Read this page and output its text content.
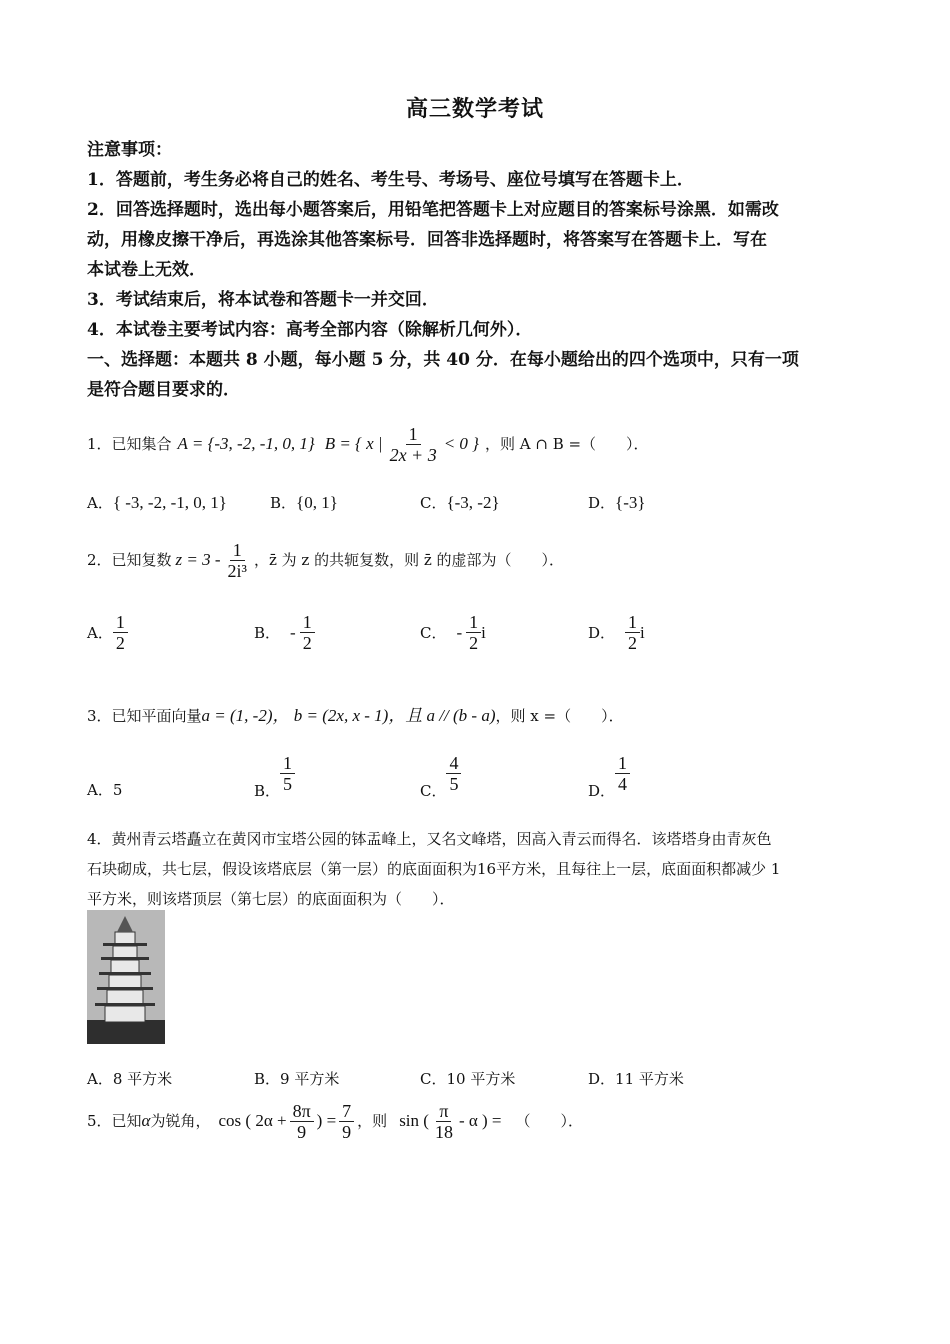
高三数学考试
注意事项：
1．答题前，考生务必将自己的姓名、考生号、考场号、座位号填写在答题卡上．
2．回答选择题时，选出每小题答案后，用铅笔把答题卡上对应题目的答案标号涂黑．如需改
动，用橡皮擦干净后，再选涂其他答案标号．回答非选择题时，将答案写在答题卡上．写在
本试卷上无效．
3．考试结束后，将本试卷和答题卡一并交回．
4．本试卷主要考试内容：高考全部内容（除解析几何外）．
一、选择题：本题共 8 小题，每小题 5 分，共 40 分．在每小题给出的四个选项中，只有一项
是符合题目要求的．
1．已知集合 A = {-3, -2, -1, 0, 1} B = { x | $\frac{1}{2x + 3} < 0$ } ，则 A ∩ B =（　　）．
A．{ -3, -2, -1, 0, 1}	B．{0, 1}	C．{-3, -2}	D．{-3}
2．已知复数 $z = 3 - \frac{1}{\text{2i³}}$ ，z̄ 为 z 的共轭复数，则 z̄ 的虚部为（　　）．
A． $\frac{1}{2}$	B． - $\frac{1}{2}$	C． - $\frac{1}{2}$ i	D． $\frac{1}{2}$ i
3．已知平面向量 a = (1, -2) ， b = (2x, x - 1) ，且 a // (b - a) ，则 x =（　　）．
A．5	B． $\frac{1}{5}$	C． $\frac{4}{5}$	D． $\frac{1}{4}$
4．黄州青云塔矗立在黄冈市宝塔公园的钵盂峰上，又名文峰塔，因高入青云而得名．该塔塔身由青灰色
石块砌成，共七层，假设该塔底层（第一层）的底面面积为16平方米，且每往上一层，底面面积都减少 1
平方米，则该塔顶层（第七层）的底面面积为（　　）．
A．8 平方米	B．9 平方米	C．10 平方米	D．11 平方米
5．已知 α 为锐角， cos ( $2\alpha + \frac{8\pi}{9}$ ) = $\frac{7}{9}$ ，则 sin ( $\frac{\pi}{18}$ - α ) = （　　）．
